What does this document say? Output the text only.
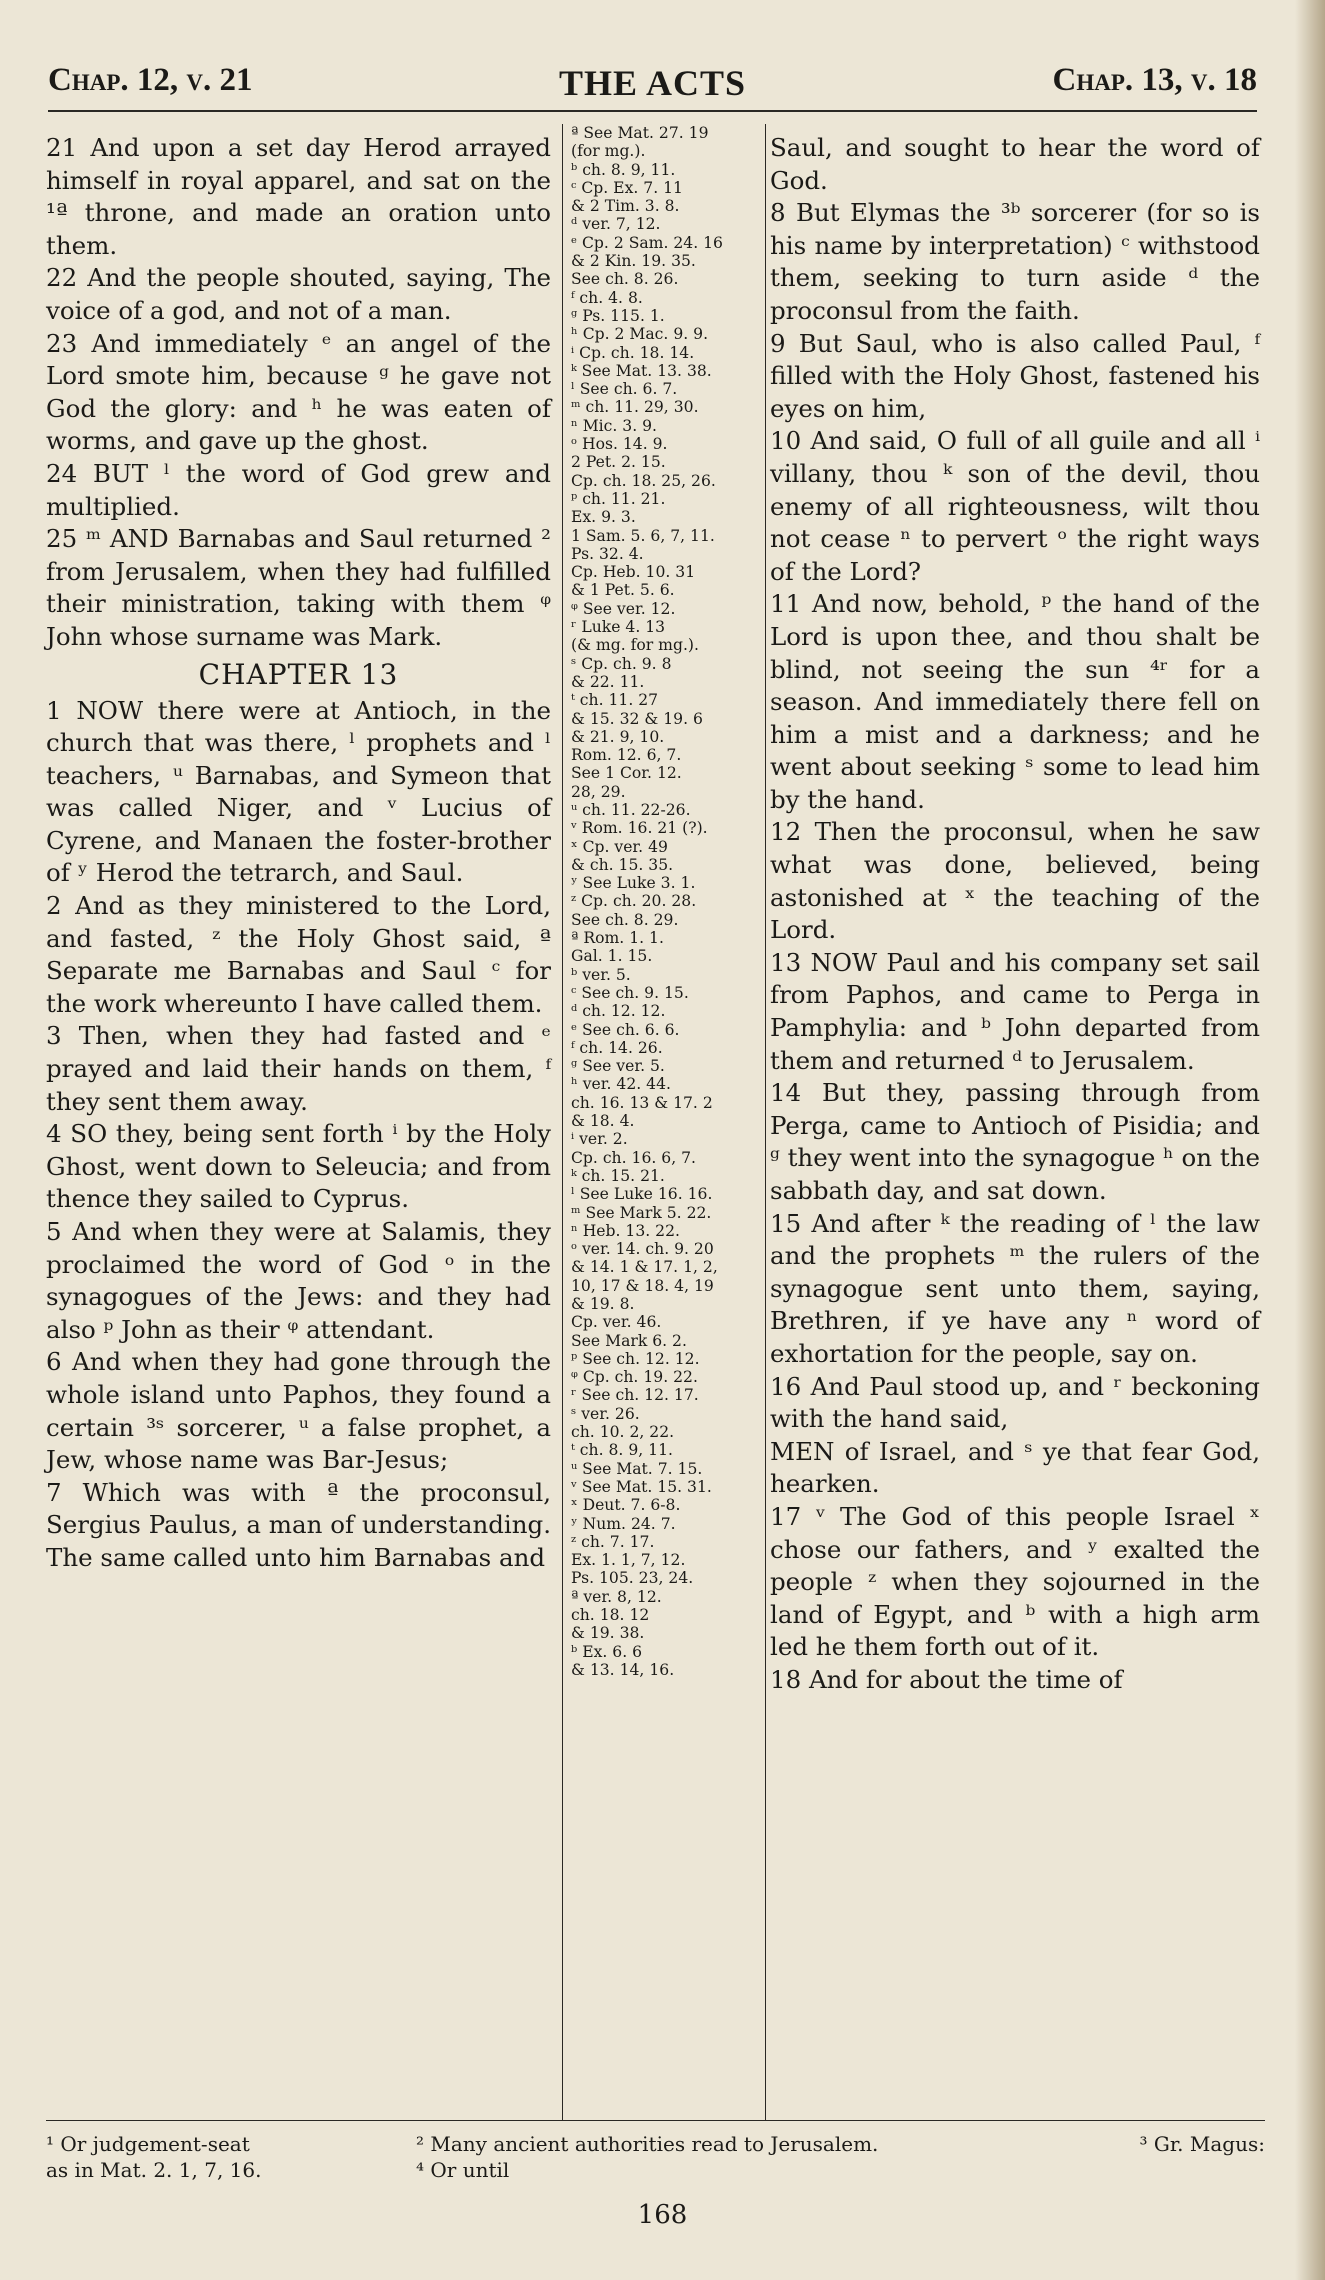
Chap. 12, v. 21	THE ACTS	Chap. 13, v. 18

21 And upon a set day Herod arrayed himself in royal apparel, and sat on the ¹ª throne, and made an oration unto them.

22 And the people shouted, saying, The voice of a god, and not of a man.

23 And immediately ᵉ an angel of the Lord smote him, because ᵍ he gave not God the glory: and ʰ he was eaten of worms, and gave up the ghost.

24 BUT ˡ the word of God grew and multiplied.

25 ᵐ AND Barnabas and Saul returned ² from Jerusalem, when they had fulfilled their ministration, taking with them ᵠ John whose surname was Mark.

CHAPTER 13

1 NOW there were at Antioch, in the church that was there, ˡ prophets and ˡ teachers, ᵘ Barnabas, and Symeon that was called Niger, and ᵛ Lucius of Cyrene, and Manaen the foster-brother of ʸ Herod the tetrarch, and Saul.

2 And as they ministered to the Lord, and fasted, ᶻ the Holy Ghost said, ª Separate me Barnabas and Saul ᶜ for the work whereunto I have called them.

3 Then, when they had fasted and ᵉ prayed and laid their hands on them, ᶠ they sent them away.

4 SO they, being sent forth ⁱ by the Holy Ghost, went down to Seleucia; and from thence they sailed to Cyprus.

5 And when they were at Salamis, they proclaimed the word of God ᵒ in the synagogues of the Jews: and they had also ᵖ John as their ᵠ attendant.

6 And when they had gone through the whole island unto Paphos, they found a certain ³ˢ sorcerer, ᵘ a false prophet, a Jew, whose name was Bar-Jesus;

7 Which was with ª the proconsul, Sergius Paulus, a man of understanding. The same called unto him Barnabas and

ª See Mat. 27. 19
(for mg.).
ᵇ ch. 8. 9, 11.
ᶜ Cp. Ex. 7. 11
& 2 Tim. 3. 8.
ᵈ ver. 7, 12.
ᵉ Cp. 2 Sam. 24. 16
& 2 Kin. 19. 35.
See ch. 8. 26.
ᶠ ch. 4. 8.
ᵍ Ps. 115. 1.
ʰ Cp. 2 Mac. 9. 9.
ⁱ Cp. ch. 18. 14.
ᵏ See Mat. 13. 38.
ˡ See ch. 6. 7.
ᵐ ch. 11. 29, 30.
ⁿ Mic. 3. 9.
ᵒ Hos. 14. 9.
2 Pet. 2. 15.
Cp. ch. 18. 25, 26.
ᵖ ch. 11. 21.
Ex. 9. 3.
1 Sam. 5. 6, 7, 11.
Ps. 32. 4.
Cp. Heb. 10. 31
& 1 Pet. 5. 6.
ᵠ See ver. 12.
ʳ Luke 4. 13
(& mg. for mg.).
ˢ Cp. ch. 9. 8
& 22. 11.
ᵗ ch. 11. 27
& 15. 32 & 19. 6
& 21. 9, 10.
Rom. 12. 6, 7.
See 1 Cor. 12.
28, 29.
ᵘ ch. 11. 22-26.
ᵛ Rom. 16. 21 (?).
ˣ Cp. ver. 49
& ch. 15. 35.
ʸ See Luke 3. 1.
ᶻ Cp. ch. 20. 28.
See ch. 8. 29.
ª Rom. 1. 1.
Gal. 1. 15.
ᵇ ver. 5.
ᶜ See ch. 9. 15.
ᵈ ch. 12. 12.
ᵉ See ch. 6. 6.
ᶠ ch. 14. 26.
ᵍ See ver. 5.
ʰ ver. 42. 44.
ch. 16. 13 & 17. 2
& 18. 4.
ⁱ ver. 2.
Cp. ch. 16. 6, 7.
ᵏ ch. 15. 21.
ˡ See Luke 16. 16.
ᵐ See Mark 5. 22.
ⁿ Heb. 13. 22.
ᵒ ver. 14. ch. 9. 20
& 14. 1 & 17. 1, 2,
10, 17 & 18. 4, 19
& 19. 8.
Cp. ver. 46.
See Mark 6. 2.
ᵖ See ch. 12. 12.
ᵠ Cp. ch. 19. 22.
ʳ See ch. 12. 17.
ˢ ver. 26.
ch. 10. 2, 22.
ᵗ ch. 8. 9, 11.
ᵘ See Mat. 7. 15.
ᵛ See Mat. 15. 31.
ˣ Deut. 7. 6-8.
ʸ Num. 24. 7.
ᶻ ch. 7. 17.
Ex. 1. 1, 7, 12.
Ps. 105. 23, 24.
ª ver. 8, 12.
ch. 18. 12
& 19. 38.
ᵇ Ex. 6. 6
& 13. 14, 16.

Saul, and sought to hear the word of God.

8 But Elymas the ³ᵇ sorcerer (for so is his name by interpretation) ᶜ withstood them, seeking to turn aside ᵈ the proconsul from the faith.

9 But Saul, who is also called Paul, ᶠ filled with the Holy Ghost, fastened his eyes on him,

10 And said, O full of all guile and all ⁱ villany, thou ᵏ son of the devil, thou enemy of all righteousness, wilt thou not cease ⁿ to pervert ᵒ the right ways of the Lord?

11 And now, behold, ᵖ the hand of the Lord is upon thee, and thou shalt be blind, not seeing the sun ⁴ʳ for a season. And immediately there fell on him a mist and a darkness; and he went about seeking ˢ some to lead him by the hand.

12 Then the proconsul, when he saw what was done, believed, being astonished at ˣ the teaching of the Lord.

13 NOW Paul and his company set sail from Paphos, and came to Perga in Pamphylia: and ᵇ John departed from them and returned ᵈ to Jerusalem.

14 But they, passing through from Perga, came to Antioch of Pisidia; and ᵍ they went into the synagogue ʰ on the sabbath day, and sat down.

15 And after ᵏ the reading of ˡ the law and the prophets ᵐ the rulers of the synagogue sent unto them, saying, Brethren, if ye have any ⁿ word of exhortation for the people, say on.

16 And Paul stood up, and ʳ beckoning with the hand said,

MEN of Israel, and ˢ ye that fear God, hearken.

17 ᵛ The God of this people Israel ˣ chose our fathers, and ʸ exalted the people ᶻ when they sojourned in the land of Egypt, and ᵇ with a high arm led he them forth out of it.

18 And for about the time of

¹ Or judgement-seat
as in Mat. 2. 1, 7, 16.
² Many ancient authorities read to Jerusalem.
⁴ Or until
³ Gr. Magus:
168
